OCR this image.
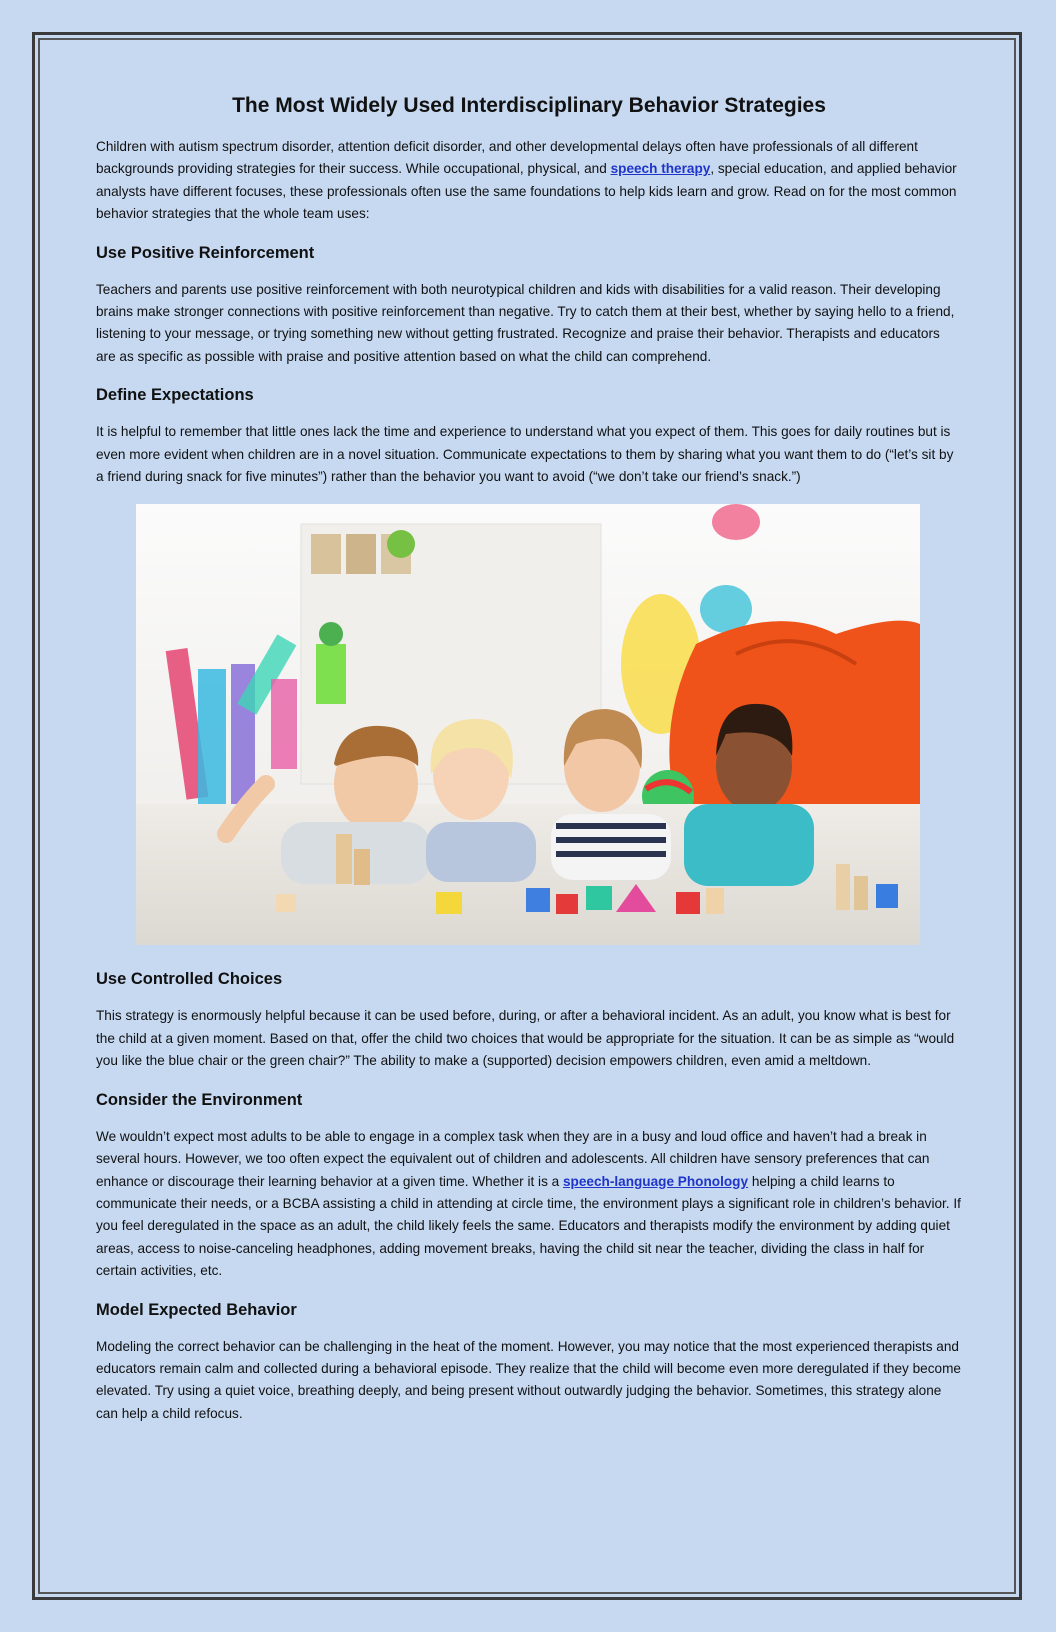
The Most Widely Used Interdisciplinary Behavior Strategies

Children with autism spectrum disorder, attention deficit disorder, and other developmental delays often have professionals of all different backgrounds providing strategies for their success. While occupational, physical, and speech therapy, special education, and applied behavior analysts have different focuses, these professionals often use the same foundations to help kids learn and grow. Read on for the most common behavior strategies that the whole team uses:

Use Positive Reinforcement

Teachers and parents use positive reinforcement with both neurotypical children and kids with disabilities for a valid reason. Their developing brains make stronger connections with positive reinforcement than negative. Try to catch them at their best, whether by saying hello to a friend, listening to your message, or trying something new without getting frustrated. Recognize and praise their behavior. Therapists and educators are as specific as possible with praise and positive attention based on what the child can comprehend.

Define Expectations

It is helpful to remember that little ones lack the time and experience to understand what you expect of them. This goes for daily routines but is even more evident when children are in a novel situation. Communicate expectations to them by sharing what you want them to do (“let’s sit by a friend during snack for five minutes”) rather than the behavior you want to avoid (“we don’t take our friend’s snack.”)

Use Controlled Choices

This strategy is enormously helpful because it can be used before, during, or after a behavioral incident. As an adult, you know what is best for the child at a given moment. Based on that, offer the child two choices that would be appropriate for the situation. It can be as simple as “would you like the blue chair or the green chair?” The ability to make a (supported) decision empowers children, even amid a meltdown.

Consider the Environment

We wouldn’t expect most adults to be able to engage in a complex task when they are in a busy and loud office and haven’t had a break in several hours. However, we too often expect the equivalent out of children and adolescents. All children have sensory preferences that can enhance or discourage their learning behavior at a given time. Whether it is a speech-language Phonology helping a child learns to communicate their needs, or a BCBA assisting a child in attending at circle time, the environment plays a significant role in children’s behavior. If you feel deregulated in the space as an adult, the child likely feels the same. Educators and therapists modify the environment by adding quiet areas, access to noise-canceling headphones, adding movement breaks, having the child sit near the teacher, dividing the class in half for certain activities, etc.

Model Expected Behavior

Modeling the correct behavior can be challenging in the heat of the moment. However, you may notice that the most experienced therapists and educators remain calm and collected during a behavioral episode. They realize that the child will become even more deregulated if they become elevated. Try using a quiet voice, breathing deeply, and being present without outwardly judging the behavior. Sometimes, this strategy alone can help a child refocus.
